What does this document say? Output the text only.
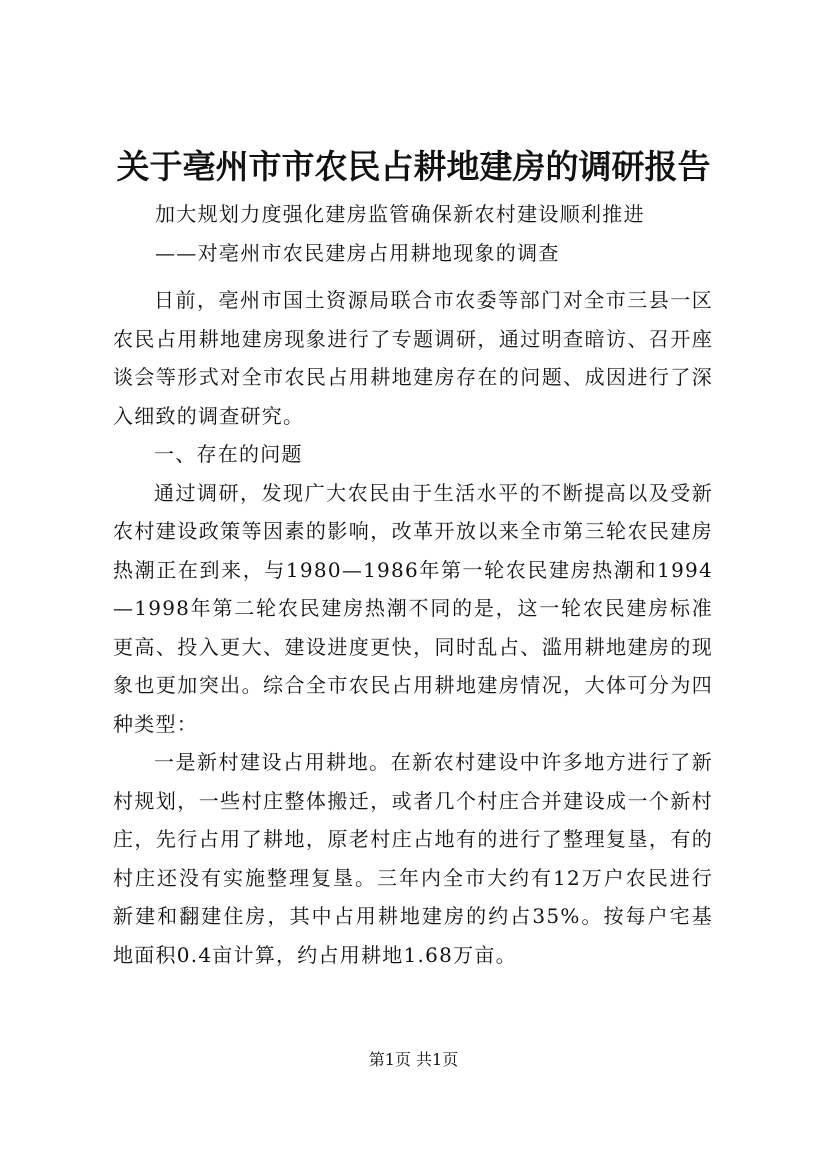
关于亳州市市农民占耕地建房的调研报告
加大规划力度强化建房监管确保新农村建设顺利推进
——对亳州市农民建房占用耕地现象的调查

日前，亳州市国土资源局联合市农委等部门对全市三县一区农民占用耕地建房现象进行了专题调研，通过明查暗访、召开座谈会等形式对全市农民占用耕地建房存在的问题、成因进行了深入细致的调查研究。

一、存在的问题

通过调研，发现广大农民由于生活水平的不断提高以及受新农村建设政策等因素的影响，改革开放以来全市第三轮农民建房热潮正在到来，与1980—1986年第一轮农民建房热潮和1994—1998年第二轮农民建房热潮不同的是，这一轮农民建房标准更高、投入更大、建设进度更快，同时乱占、滥用耕地建房的现象也更加突出。综合全市农民占用耕地建房情况，大体可分为四种类型：

一是新村建设占用耕地。在新农村建设中许多地方进行了新村规划，一些村庄整体搬迁，或者几个村庄合并建设成一个新村庄，先行占用了耕地，原老村庄占地有的进行了整理复垦，有的村庄还没有实施整理复垦。三年内全市大约有12万户农民进行新建和翻建住房，其中占用耕地建房的约占35%。按每户宅基地面积0.4亩计算，约占用耕地1.68万亩。

第1页 共1页
